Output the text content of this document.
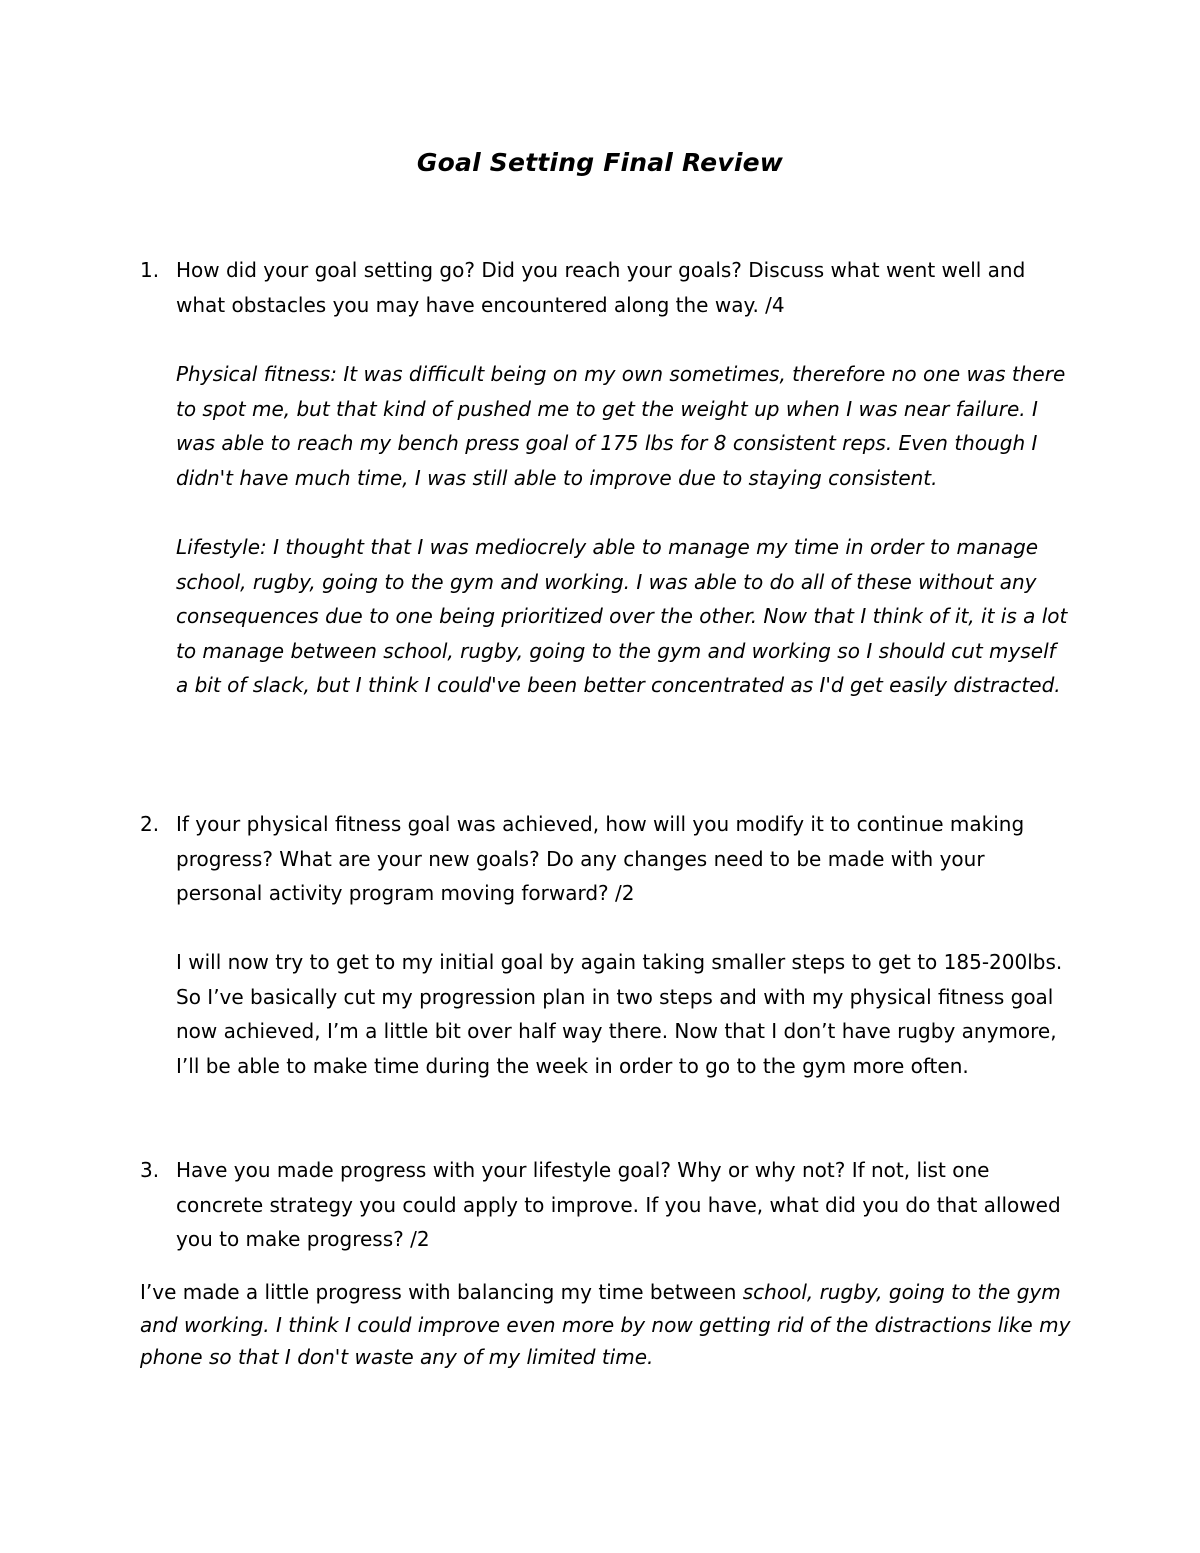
Goal Setting Final Review
1. How did your goal setting go? Did you reach your goals? Discuss what went well and what obstacles you may have encountered along the way. /4
Physical fitness: It was difficult being on my own sometimes, therefore no one was there to spot me, but that kind of pushed me to get the weight up when I was near failure. I was able to reach my bench press goal of 175 lbs for 8 consistent reps. Even though I didn't have much time, I was still able to improve due to staying consistent.
Lifestyle: I thought that I was mediocrely able to manage my time in order to manage school, rugby, going to the gym and working. I was able to do all of these without any consequences due to one being prioritized over the other. Now that I think of it, it is a lot to manage between school, rugby, going to the gym and working so I should cut myself a bit of slack, but I think I could've been better concentrated as I'd get easily distracted.
2. If your physical fitness goal was achieved, how will you modify it to continue making progress? What are your new goals? Do any changes need to be made with your personal activity program moving forward? /2
I will now try to get to my initial goal by again taking smaller steps to get to 185-200lbs. So I’ve basically cut my progression plan in two steps and with my physical fitness goal now achieved, I’m a little bit over half way there. Now that I don’t have rugby anymore, I’ll be able to make time during the week in order to go to the gym more often.
3. Have you made progress with your lifestyle goal? Why or why not? If not, list one concrete strategy you could apply to improve. If you have, what did you do that allowed you to make progress? /2
I’ve made a little progress with balancing my time between school, rugby, going to the gym and working. I think I could improve even more by now getting rid of the distractions like my phone so that I don't waste any of my limited time.
